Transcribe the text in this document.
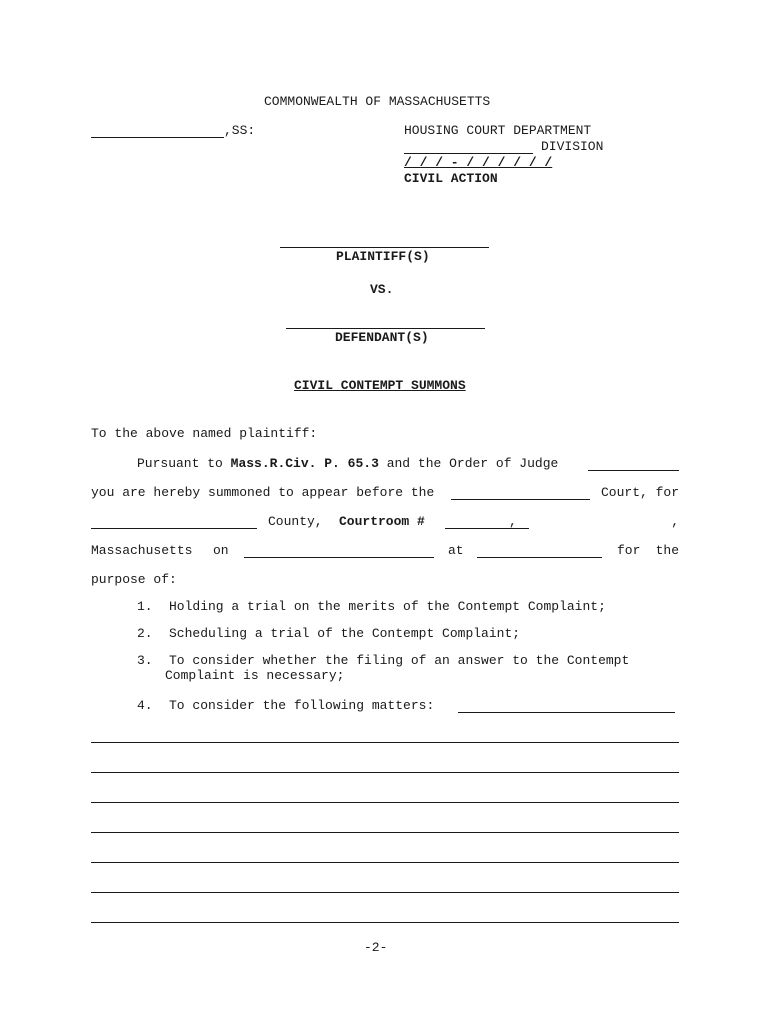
COMMONWEALTH OF MASSACHUSETTS
,SS:	HOUSING COURT DEPARTMENT
DIVISION
/ / / - / / / / / /
CIVIL ACTION
PLAINTIFF(S)
VS.
DEFENDANT(S)
CIVIL CONTEMPT SUMMONS
To the above named plaintiff:
Pursuant to Mass.R.Civ. P. 65.3 and the Order of Judge
you are hereby summoned to appear before the	Court, for
County, Courtroom #	,	,
Massachusetts on	at	for the
purpose of:
1. Holding a trial on the merits of the Contempt Complaint;
2. Scheduling a trial of the Contempt Complaint;
3. To consider whether the filing of an answer to the Contempt
Complaint is necessary;
4. To consider the following matters:
-2-
